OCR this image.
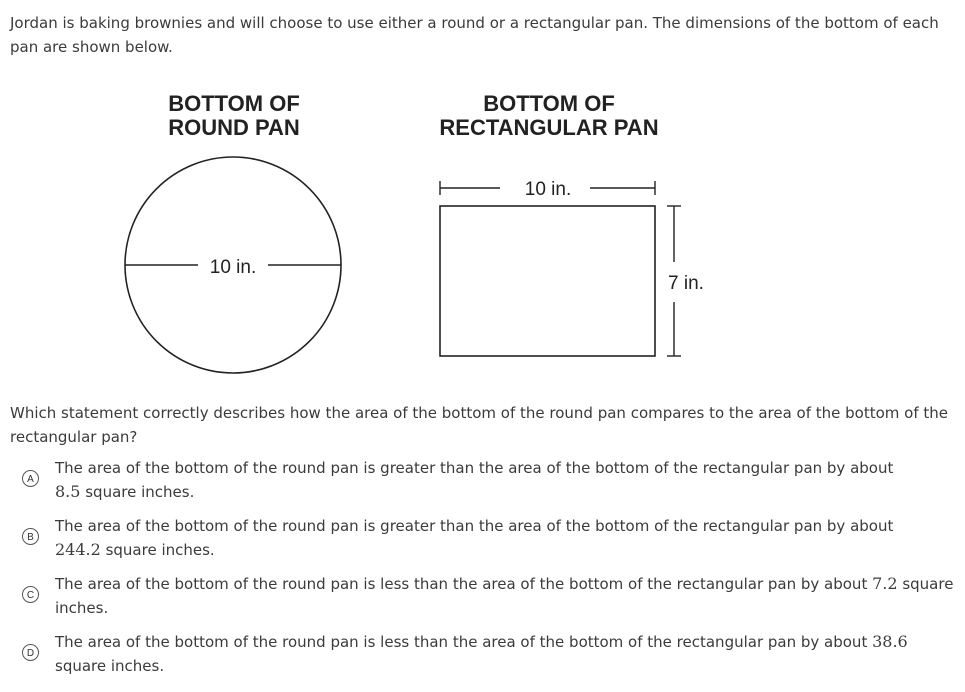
Jordan is baking brownies and will choose to use either a round or a rectangular pan. The dimensions of the bottom of each pan are shown below.
BOTTOM OF
ROUND PAN
BOTTOM OF
RECTANGULAR PAN
10 in.
10 in.
7 in.
Which statement correctly describes how the area of the bottom of the round pan compares to the area of the bottom of the rectangular pan?
A
The area of the bottom of the round pan is greater than the area of the bottom of the rectangular pan by about
8.5 square inches.
B
The area of the bottom of the round pan is greater than the area of the bottom of the rectangular pan by about
244.2 square inches.
C
The area of the bottom of the round pan is less than the area of the bottom of the rectangular pan by about 7.2 square inches.
D
The area of the bottom of the round pan is less than the area of the bottom of the rectangular pan by about 38.6 square inches.
